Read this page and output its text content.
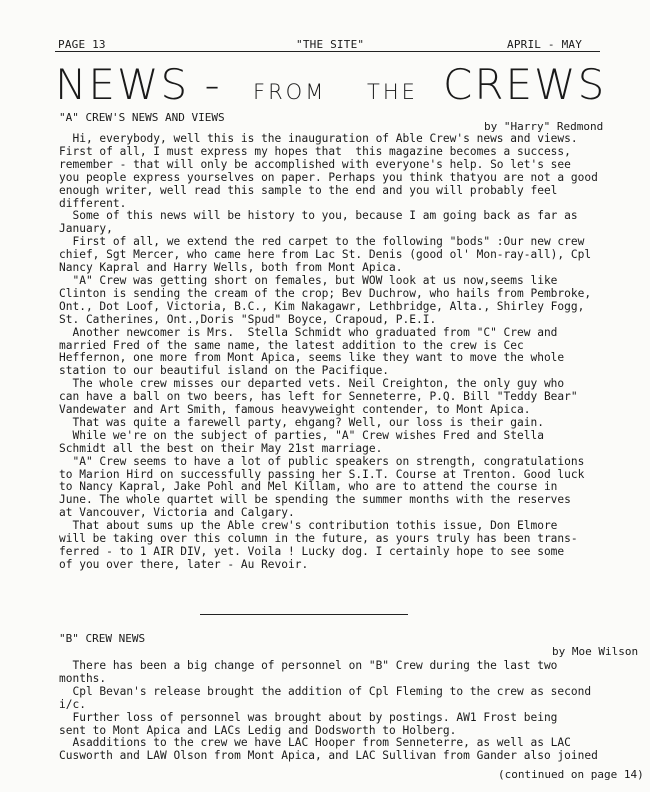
PAGE 13	"THE SITE"	APRIL - MAY
NEWS - FROM THE CREWS
"A" CREW'S NEWS AND VIEWS
by "Harry" Redmond
Hi, everybody, well this is the inauguration of Able Crew's news and views.
First of all, I must express my hopes that  this magazine becomes a success,
remember - that will only be accomplished with everyone's help. So let's see
you people express yourselves on paper. Perhaps you think thatyou are not a good
enough writer, well read this sample to the end and you will probably feel
different.
Some of this news will be history to you, because I am going back as far as
January,
First of all, we extend the red carpet to the following "bods" :Our new crew
chief, Sgt Mercer, who came here from Lac St. Denis (good ol' Mon-ray-all), Cpl
Nancy Kapral and Harry Wells, both from Mont Apica.
"A" Crew was getting short on females, but WOW look at us now,seems like
Clinton is sending the cream of the crop; Bev Duchrow, who hails from Pembroke,
Ont., Dot Loof, Victoria, B.C., Kim Nakagawr, Lethbridge, Alta., Shirley Fogg,
St. Catherines, Ont.,Doris "Spud" Boyce, Crapoud, P.E.I.
Another newcomer is Mrs.  Stella Schmidt who graduated from "C" Crew and
married Fred of the same name, the latest addition to the crew is Cec
Heffernon, one more from Mont Apica, seems like they want to move the whole
station to our beautiful island on the Pacifique.
The whole crew misses our departed vets. Neil Creighton, the only guy who
can have a ball on two beers, has left for Senneterre, P.Q. Bill "Teddy Bear"
Vandewater and Art Smith, famous heavyweight contender, to Mont Apica.
That was quite a farewell party, ehgang? Well, our loss is their gain.
While we're on the subject of parties, "A" Crew wishes Fred and Stella
Schmidt all the best on their May 21st marriage.
"A" Crew seems to have a lot of public speakers on strength, congratulations
to Marion Hird on successfully passing her S.I.T. Course at Trenton. Good luck
to Nancy Kapral, Jake Pohl and Mel Killam, who are to attend the course in
June. The whole quartet will be spending the summer months with the reserves
at Vancouver, Victoria and Calgary.
That about sums up the Able crew's contribution tothis issue, Don Elmore
will be taking over this column in the future, as yours truly has been trans-
ferred - to 1 AIR DIV, yet. Voila ! Lucky dog. I certainly hope to see some
of you over there, later - Au Revoir.
"B" CREW NEWS
by Moe Wilson
There has been a big change of personnel on "B" Crew during the last two
months.
Cpl Bevan's release brought the addition of Cpl Fleming to the crew as second
i/c.
Further loss of personnel was brought about by postings. AW1 Frost being
sent to Mont Apica and LACs Ledig and Dodsworth to Holberg.
Asadditions to the crew we have LAC Hooper from Senneterre, as well as LAC
Cusworth and LAW Olson from Mont Apica, and LAC Sullivan from Gander also joined
(continued on page 14)
